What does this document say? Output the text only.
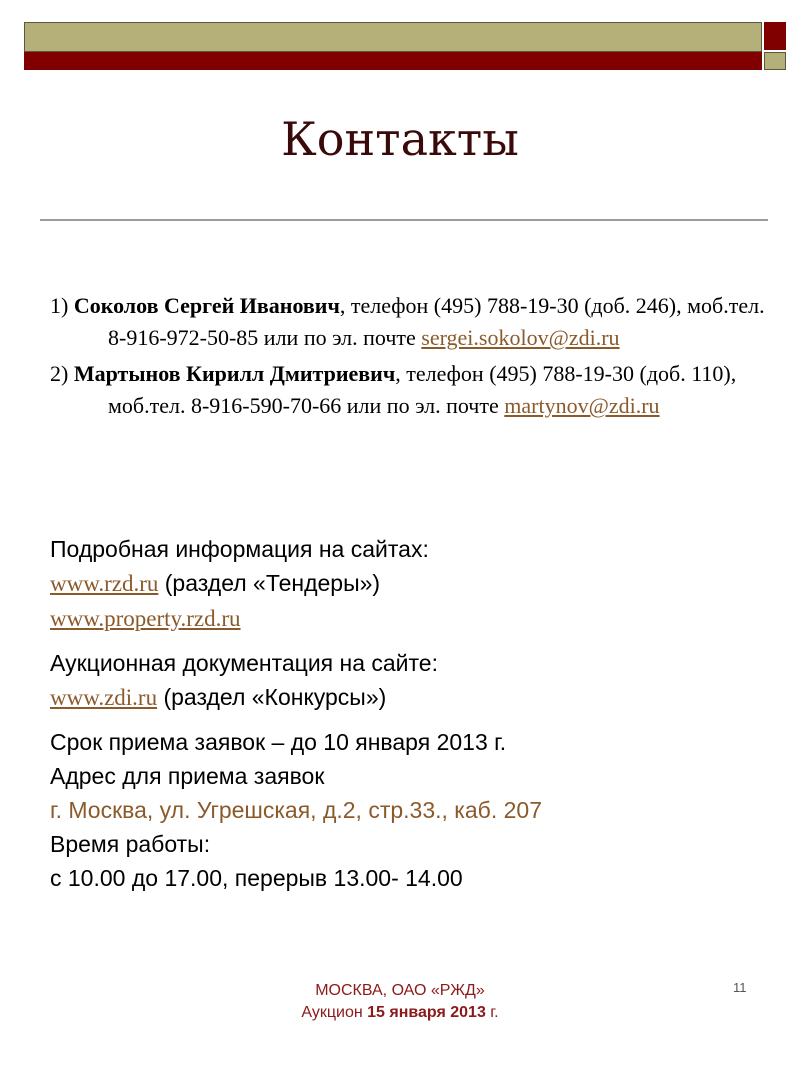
Контакты
1) Соколов Сергей Иванович, телефон (495) 788-19-30 (доб. 246), моб.тел. 8-916-972-50-85 или по эл. почте sergei.sokolov@zdi.ru
2) Мартынов Кирилл Дмитриевич, телефон (495) 788-19-30 (доб. 110), моб.тел. 8-916-590-70-66 или по эл. почте martynov@zdi.ru
Подробная информация на сайтах:
www.rzd.ru (раздел «Тендеры»)
www.property.rzd.ru
Аукционная документация на сайте:
www.zdi.ru (раздел «Конкурсы»)
Срок приема заявок – до 10 января 2013 г.
Адрес для приема заявок
г. Москва, ул. Угрешская, д.2, стр.33., каб. 207
Время работы:
с 10.00 до 17.00, перерыв 13.00- 14.00
МОСКВА, ОАО «РЖД»
Аукцион 15 января 2013 г.
11
